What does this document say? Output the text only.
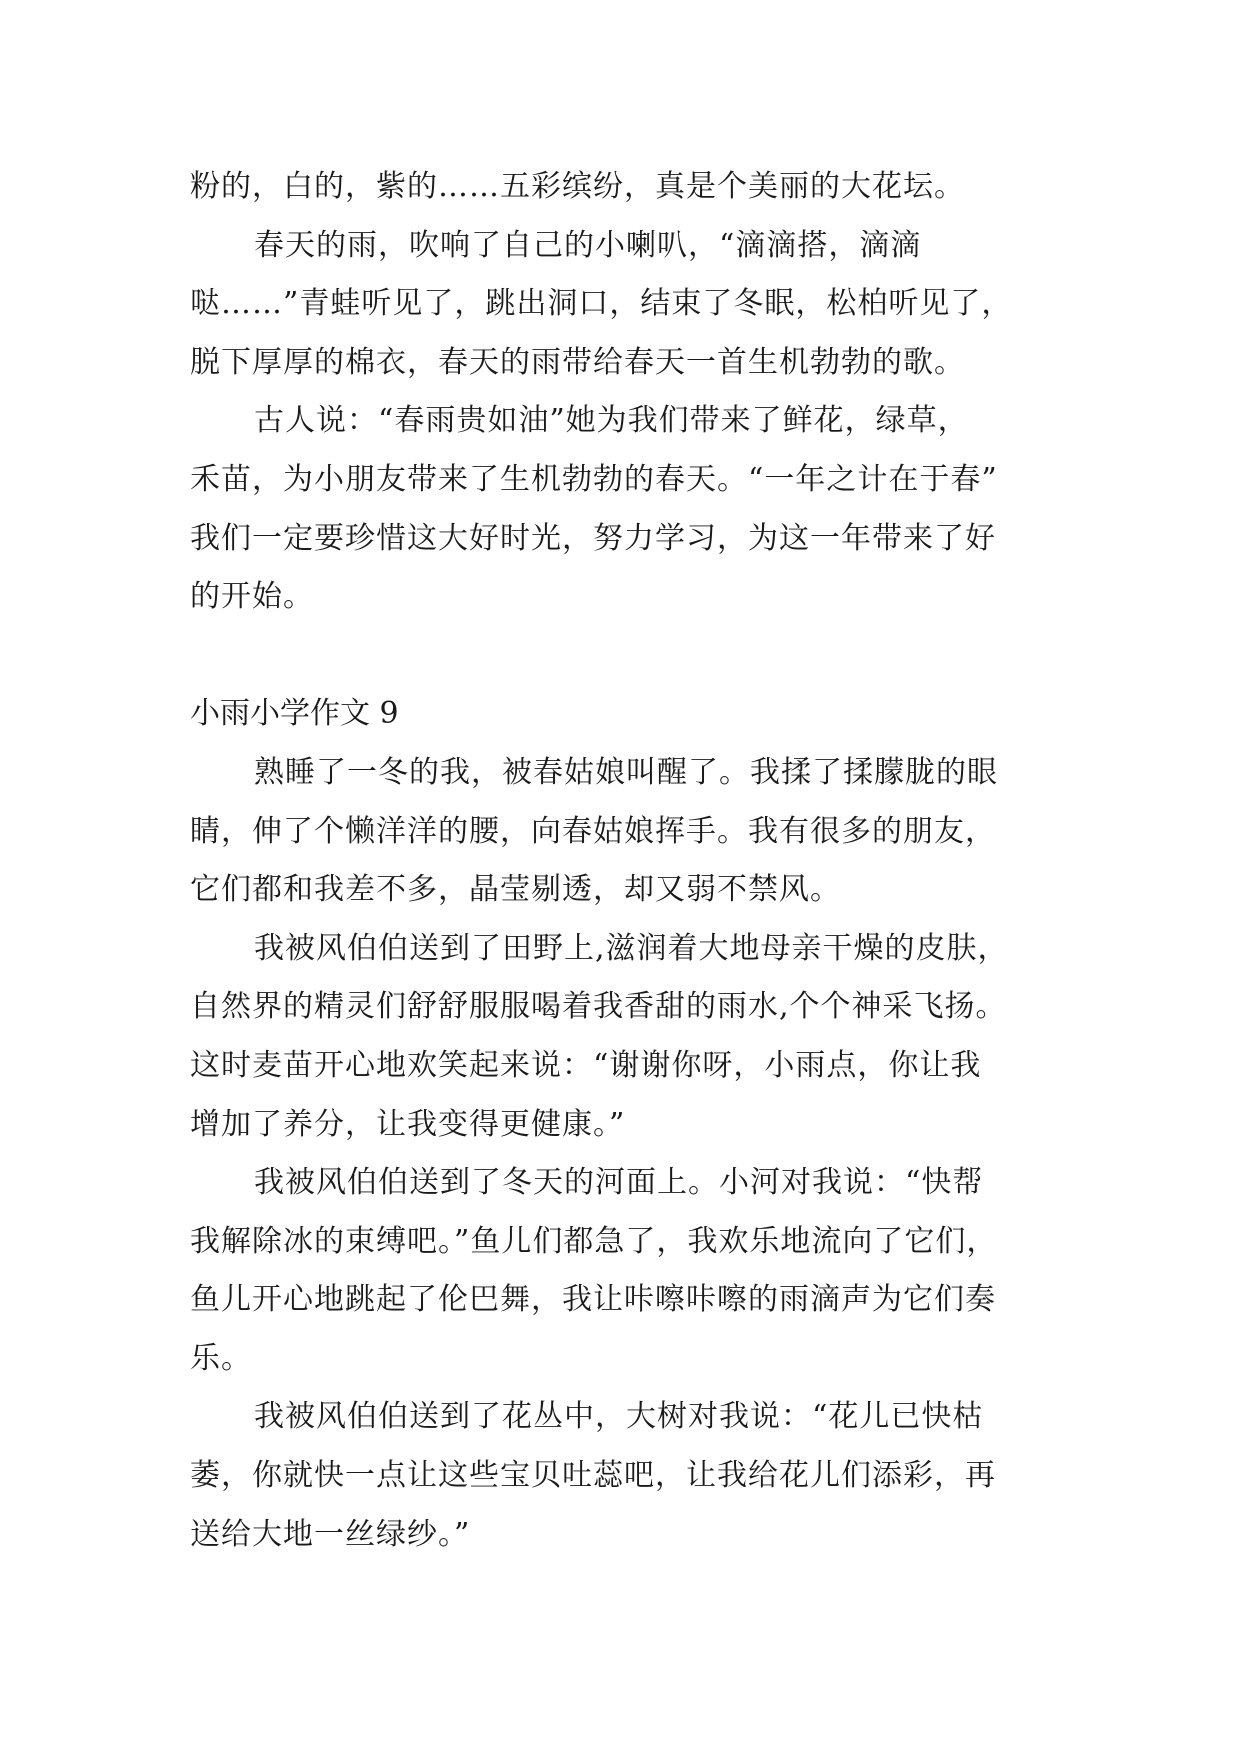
粉的，白的，紫的……五彩缤纷，真是个美丽的大花坛。
春天的雨，吹响了自己的小喇叭，“滴滴搭，滴滴
哒……”青蛙听见了，跳出洞口，结束了冬眠，松柏听见了，
脱下厚厚的棉衣，春天的雨带给春天一首生机勃勃的歌。
古人说：“春雨贵如油”她为我们带来了鲜花，绿草，
禾苗，为小朋友带来了生机勃勃的春天。“一年之计在于春”
我们一定要珍惜这大好时光，努力学习，为这一年带来了好
的开始。
小雨小学作文 9
熟睡了一冬的我，被春姑娘叫醒了。我揉了揉朦胧的眼
睛，伸了个懒洋洋的腰，向春姑娘挥手。我有很多的朋友，
它们都和我差不多，晶莹剔透，却又弱不禁风。
我被风伯伯送到了田野上,滋润着大地母亲干燥的皮肤，
自然界的精灵们舒舒服服喝着我香甜的雨水,个个神采飞扬。
这时麦苗开心地欢笑起来说：“谢谢你呀，小雨点，你让我
增加了养分，让我变得更健康。”
我被风伯伯送到了冬天的河面上。小河对我说：“快帮
我解除冰的束缚吧。”鱼儿们都急了，我欢乐地流向了它们，
鱼儿开心地跳起了伦巴舞，我让咔嚓咔嚓的雨滴声为它们奏
乐。
我被风伯伯送到了花丛中，大树对我说：“花儿已快枯
萎，你就快一点让这些宝贝吐蕊吧，让我给花儿们添彩，再
送给大地一丝绿纱。”
